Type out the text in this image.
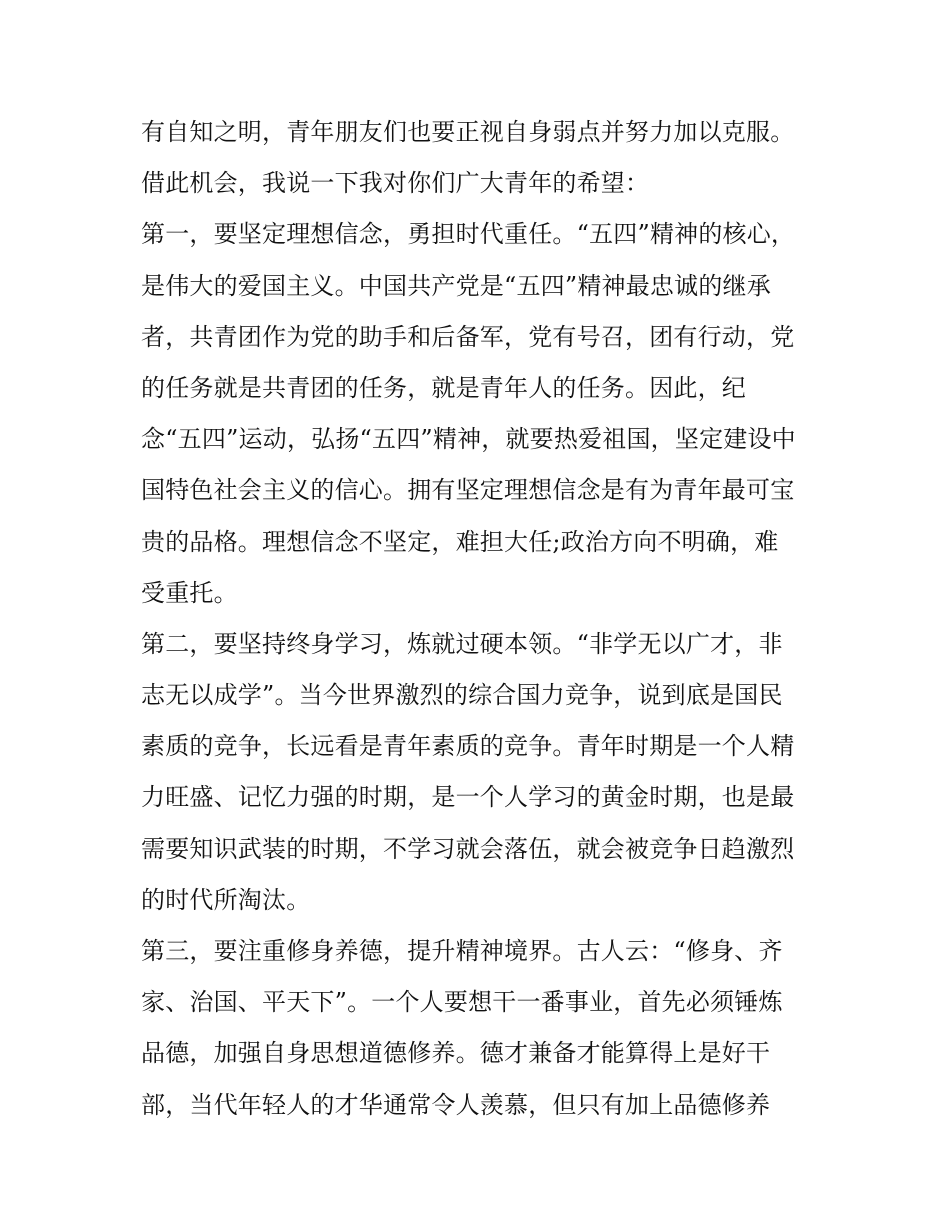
有自知之明，青年朋友们也要正视自身弱点并努力加以克服。
借此机会，我说一下我对你们广大青年的希望：
第一，要坚定理想信念，勇担时代重任。“五四”精神的核心，
是伟大的爱国主义。中国共产党是“五四”精神最忠诚的继承
者，共青团作为党的助手和后备军，党有号召，团有行动，党
的任务就是共青团的任务，就是青年人的任务。因此，纪
念“五四”运动，弘扬“五四”精神，就要热爱祖国，坚定建设中
国特色社会主义的信心。拥有坚定理想信念是有为青年最可宝
贵的品格。理想信念不坚定，难担大任;政治方向不明确，难
受重托。
第二，要坚持终身学习，炼就过硬本领。“非学无以广才，非
志无以成学”。当今世界激烈的综合国力竞争，说到底是国民
素质的竞争，长远看是青年素质的竞争。青年时期是一个人精
力旺盛、记忆力强的时期，是一个人学习的黄金时期，也是最
需要知识武装的时期，不学习就会落伍，就会被竞争日趋激烈
的时代所淘汰。
第三，要注重修身养德，提升精神境界。古人云：“修身、齐
家、治国、平天下”。一个人要想干一番事业，首先必须锤炼
品德，加强自身思想道德修养。德才兼备才能算得上是好干
部，当代年轻人的才华通常令人羡慕，但只有加上品德修养
